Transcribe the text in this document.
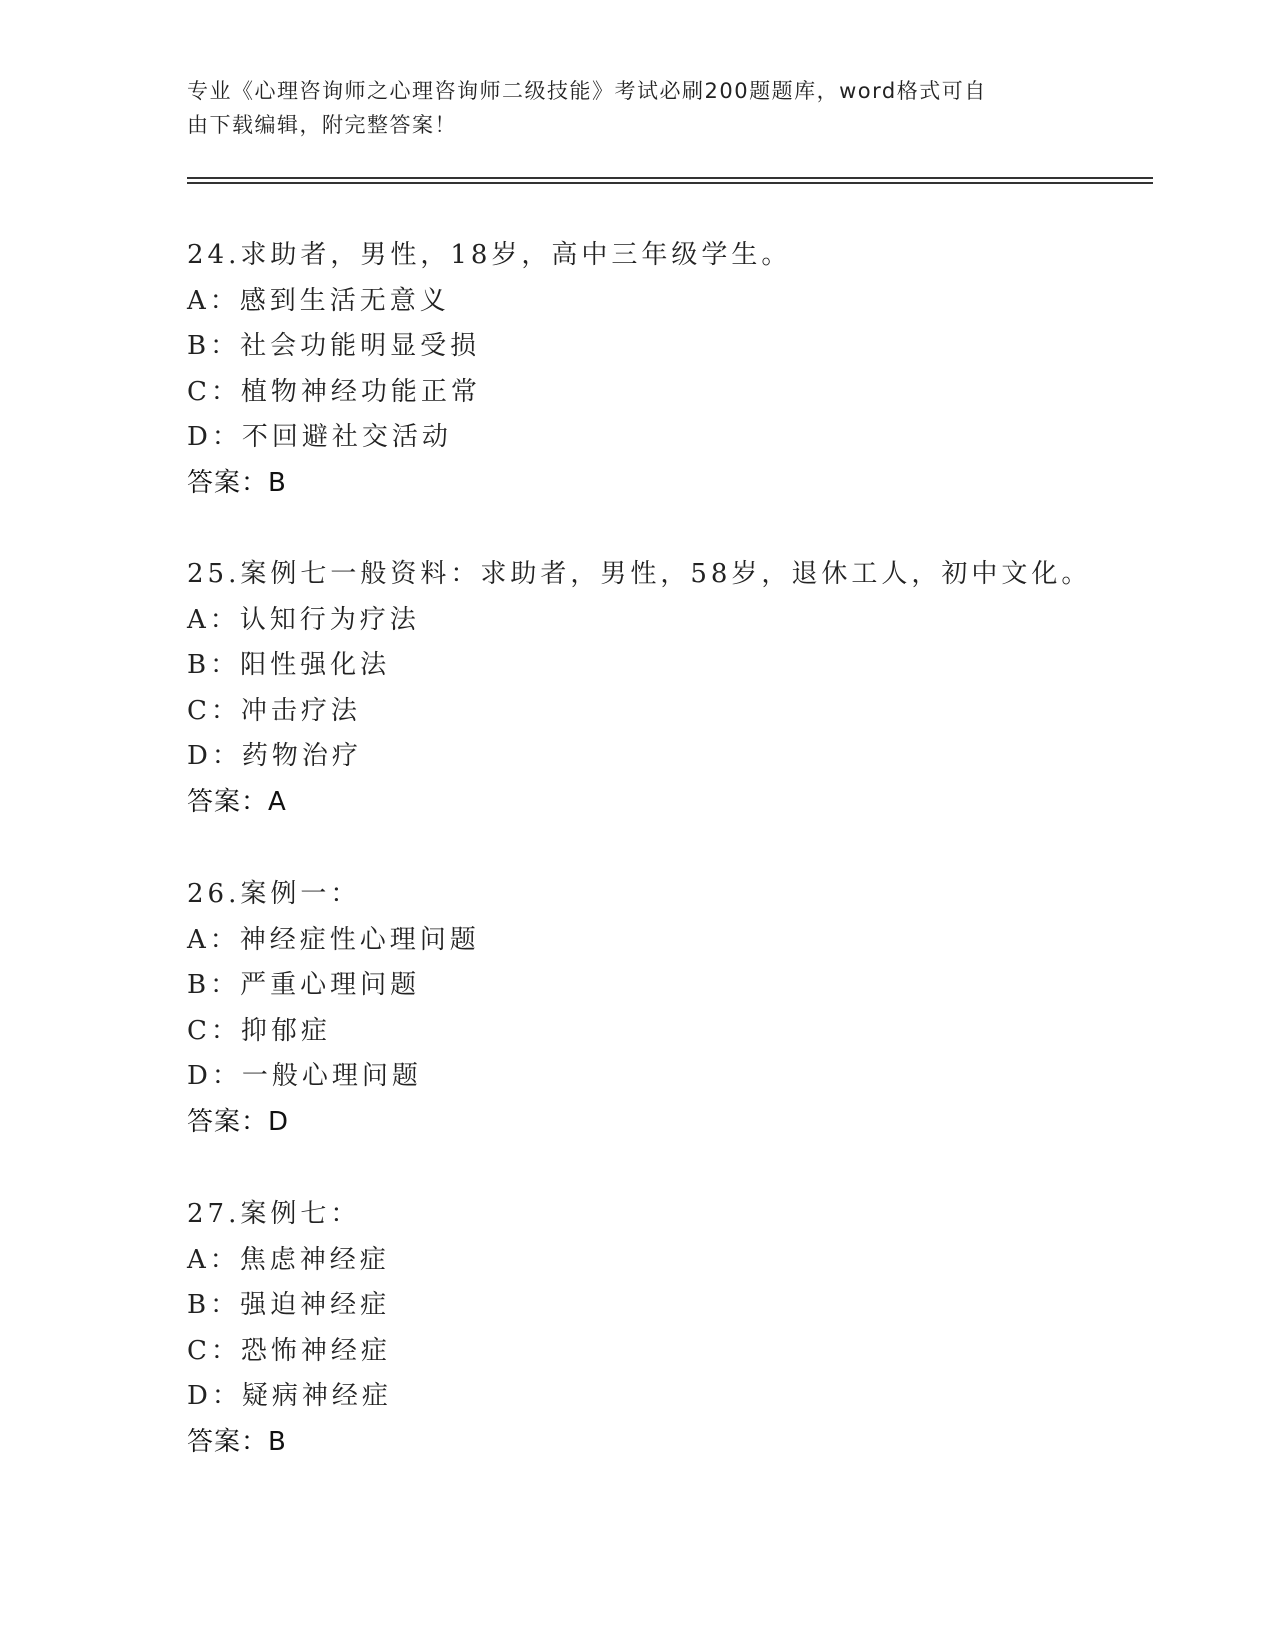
专业《心理咨询师之心理咨询师二级技能》考试必刷200题题库，word格式可自
由下载编辑，附完整答案！
24.求助者，男性，18岁，高中三年级学生。
A：感到生活无意义
B：社会功能明显受损
C：植物神经功能正常
D：不回避社交活动
答案：B
25.案例七一般资料：求助者，男性，58岁，退休工人，初中文化。
A：认知行为疗法
B：阳性强化法
C：冲击疗法
D：药物治疗
答案：A
26.案例一：
A：神经症性心理问题
B：严重心理问题
C：抑郁症
D：一般心理问题
答案：D
27.案例七：
A：焦虑神经症
B：强迫神经症
C：恐怖神经症
D：疑病神经症
答案：B
